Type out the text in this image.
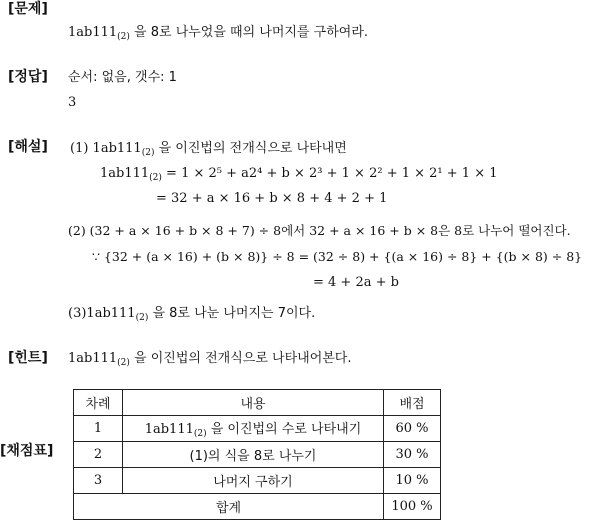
[문제]
$1ab111_{(2)}$ 을 8로 나누었을 때의 나머지를 구하여라.
[정답] 순서: 없음, 갯수: 1
3
[해설] (1) $1ab111_{(2)}$ 을 이진법의 전개식으로 나타내면
$1ab111_{(2)} = 1 \times 2^5 + a2^4 + b \times 2^3 + 1 \times 2^2 + 1 \times 2^1 + 1 \times 1$
= 32 + a × 16 + b × 8 + 4 + 2 + 1
(2) (32 + a × 16 + b × 8 + 7) ÷ 8에서 32 + a × 16 + b × 8은 8로 나누어 떨어진다.
∵ {32 + (a × 16) + (b × 8)} ÷ 8 = (32 ÷ 8) + {(a × 16) ÷ 8} + {(b × 8) ÷ 8}
= 4 + 2a + b
$(3)1ab111_{(2)}$ 을 8로 나눈 나머지는 7이다.
[힌트] $1ab111_{(2)}$ 을 이진법의 전개식으로 나타내어본다.
[채점표]
차례	내용	배점
1	$1ab111_{(2)}$ 을 이진법의 수로 나타내기	60 %
2	(1)의 식을 8로 나누기	30 %
3	나머지 구하기	10 %
합계		100 %
